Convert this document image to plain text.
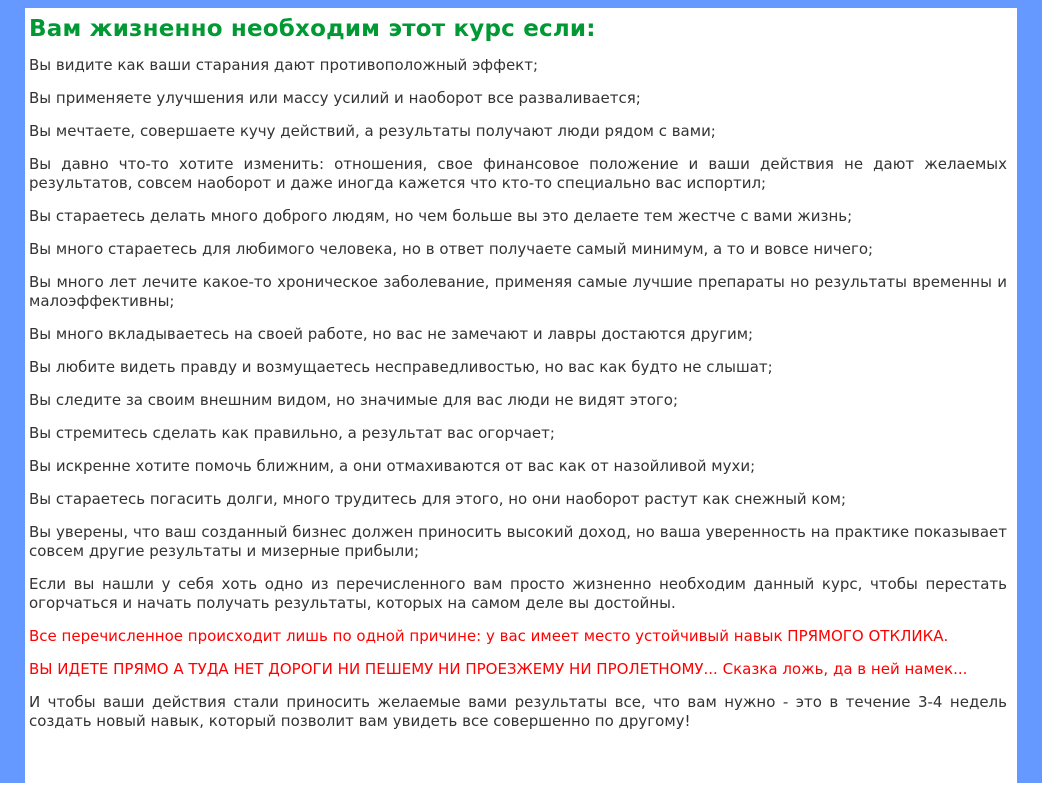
Вам жизненно необходим этот курс если:

Вы видите как ваши старания дают противоположный эффект;

Вы применяете улучшения или массу усилий и наоборот все разваливается;

Вы мечтаете, совершаете кучу действий, а результаты получают люди рядом с вами;

Вы давно что-то хотите изменить: отношения, свое финансовое положение и ваши действия не дают желаемых результатов, совсем наоборот и даже иногда кажется что кто-то специально вас испортил;

Вы стараетесь делать много доброго людям, но чем больше вы это делаете тем жестче с вами жизнь;

Вы много стараетесь для любимого человека, но в ответ получаете самый минимум, а то и вовсе ничего;

Вы много лет лечите какое-то хроническое заболевание, применяя самые лучшие препараты но результаты временны и малоэффективны;

Вы много вкладываетесь на своей работе, но вас не замечают и лавры достаются другим;

Вы любите видеть правду и возмущаетесь несправедливостью, но вас как будто не слышат;

Вы следите за своим внешним видом, но значимые для вас люди не видят этого;

Вы стремитесь сделать как правильно, а результат вас огорчает;

Вы искренне хотите помочь ближним, а они отмахиваются от вас как от назойливой мухи;

Вы стараетесь погасить долги, много трудитесь для этого, но они наоборот растут как снежный ком;

Вы уверены, что ваш созданный бизнес должен приносить высокий доход, но ваша уверенность на практике показывает совсем другие результаты и мизерные прибыли;

Если вы нашли у себя хоть одно из перечисленного вам просто жизненно необходим данный курс, чтобы перестать огорчаться и начать получать результаты, которых на самом деле вы достойны.

Все перечисленное происходит лишь по одной причине: у вас имеет место устойчивый навык ПРЯМОГО ОТКЛИКА.

ВЫ ИДЕТЕ ПРЯМО А ТУДА НЕТ ДОРОГИ НИ ПЕШЕМУ НИ ПРОЕЗЖЕМУ НИ ПРОЛЕТНОМУ... Сказка ложь, да в ней намек...

И чтобы ваши действия стали приносить желаемые вами результаты все, что вам нужно - это в течение 3-4 недель создать новый навык, который позволит вам увидеть все совершенно по другому!
